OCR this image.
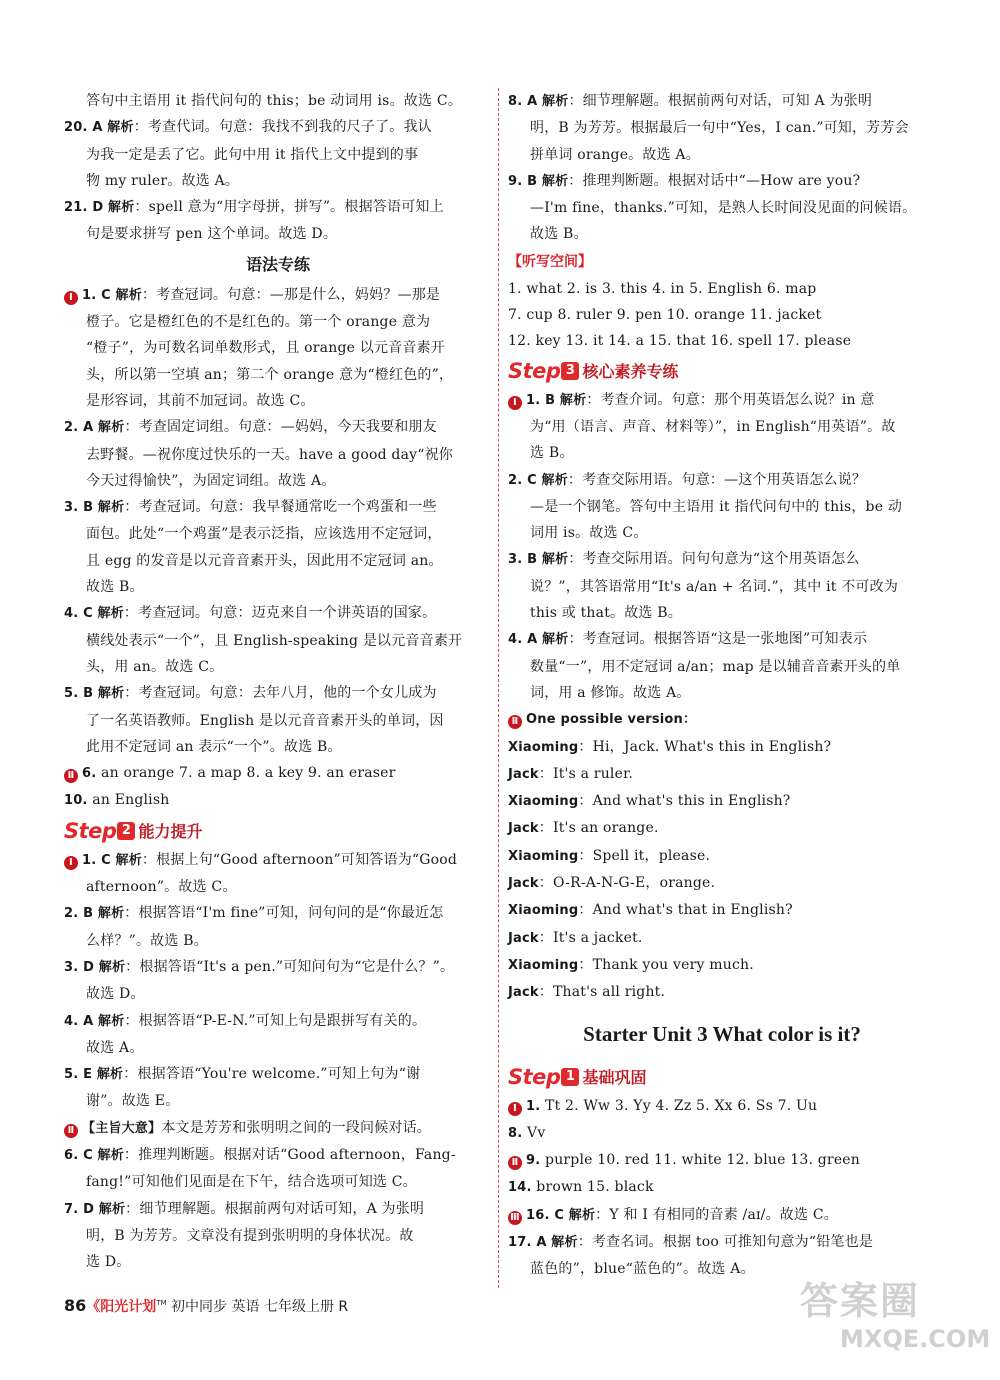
答句中主语用 it 指代问句的 this；be 动词用 is。故选 C。
20. A 解析：考查代词。句意：我找不到我的尺子了。我认
为我一定是丢了它。此句中用 it 指代上文中提到的事
物 my ruler。故选 A。
21. D 解析：spell 意为“用字母拼，拼写”。根据答语可知上
句是要求拼写 pen 这个单词。故选 D。
语法专练
Ⅰ 1. C 解析：考查冠词。句意：—那是什么，妈妈？—那是
橙子。它是橙红色的不是红色的。第一个 orange 意为
“橙子”，为可数名词单数形式，且 orange 以元音音素开
头，所以第一空填 an；第二个 orange 意为“橙红色的”，
是形容词，其前不加冠词。故选 C。
2. A 解析：考查固定词组。句意：—妈妈，今天我要和朋友
去野餐。—祝你度过快乐的一天。have a good day“祝你
今天过得愉快”，为固定词组。故选 A。
3. B 解析：考查冠词。句意：我早餐通常吃一个鸡蛋和一些
面包。此处“一个鸡蛋”是表示泛指，应该选用不定冠词，
且 egg 的发音是以元音音素开头，因此用不定冠词 an。
故选 B。
4. C 解析：考查冠词。句意：迈克来自一个讲英语的国家。
横线处表示“一个”，且 English-speaking 是以元音音素开
头，用 an。故选 C。
5. B 解析：考查冠词。句意：去年八月，他的一个女儿成为
了一名英语教师。English 是以元音音素开头的单词，因
此用不定冠词 an 表示“一个”。故选 B。
Ⅱ 6. an orange 7. a map 8. a key 9. an eraser
10. an English
Step 2 能力提升
Ⅰ 1. C 解析：根据上句“Good afternoon”可知答语为“Good
afternoon”。故选 C。
2. B 解析：根据答语“I'm fine”可知，问句问的是“你最近怎
么样？”。故选 B。
3. D 解析：根据答语“It's a pen.”可知问句为“它是什么？”。
故选 D。
4. A 解析：根据答语“P-E-N.”可知上句是跟拼写有关的。
故选 A。
5. E 解析：根据答语“You're welcome.”可知上句为“谢
谢”。故选 E。
Ⅱ 【主旨大意】本文是芳芳和张明明之间的一段问候对话。
6. C 解析：推理判断题。根据对话“Good afternoon，Fang-
fang!”可知他们见面是在下午，结合选项可知选 C。
7. D 解析：细节理解题。根据前两句对话可知，A 为张明
明，B 为芳芳。文章没有提到张明明的身体状况。故
选 D。
8. A 解析：细节理解题。根据前两句对话，可知 A 为张明
明，B 为芳芳。根据最后一句中“Yes，I can.”可知，芳芳会
拼单词 orange。故选 A。
9. B 解析：推理判断题。根据对话中“—How are you?
—I'm fine，thanks.”可知，是熟人长时间没见面的问候语。
故选 B。
【听写空间】
1. what 2. is 3. this 4. in 5. English 6. map
7. cup 8. ruler 9. pen 10. orange 11. jacket
12. key 13. it 14. a 15. that 16. spell 17. please
Step 3 核心素养专练
Ⅰ 1. B 解析：考查介词。句意：那个用英语怎么说？in 意
为“用（语言、声音、材料等）”，in English“用英语”。故
选 B。
2. C 解析：考查交际用语。句意：—这个用英语怎么说？
—是一个钢笔。答句中主语用 it 指代问句中的 this，be 动
词用 is。故选 C。
3. B 解析：考查交际用语。问句句意为“这个用英语怎么
说？”，其答语常用“It's a/an + 名词.”，其中 it 不可改为
this 或 that。故选 B。
4. A 解析：考查冠词。根据答语“这是一张地图”可知表示
数量“一”，用不定冠词 a/an；map 是以辅音音素开头的单
词，用 a 修饰。故选 A。
Ⅱ One possible version：
Xiaoming：Hi，Jack. What's this in English?
Jack：It's a ruler.
Xiaoming：And what's this in English?
Jack：It's an orange.
Xiaoming：Spell it，please.
Jack：O-R-A-N-G-E，orange.
Xiaoming：And what's that in English?
Jack：It's a jacket.
Xiaoming：Thank you very much.
Jack：That's all right.
Starter Unit 3 What color is it?
Step 1 基础巩固
Ⅰ 1. Tt 2. Ww 3. Yy 4. Zz 5. Xx 6. Ss 7. Uu
8. Vv
Ⅱ 9. purple 10. red 11. white 12. blue 13. green
14. brown 15. black
Ⅲ 16. C 解析：Y 和 I 有相同的音素 /aɪ/。故选 C。
17. A 解析：考查名词。根据 too 可推知句意为“铅笔也是
蓝色的”，blue“蓝色的”。故选 A。
86《阳光计划™ 初中同步 英语 七年级上册 R	答案圈
MXQE.COM
